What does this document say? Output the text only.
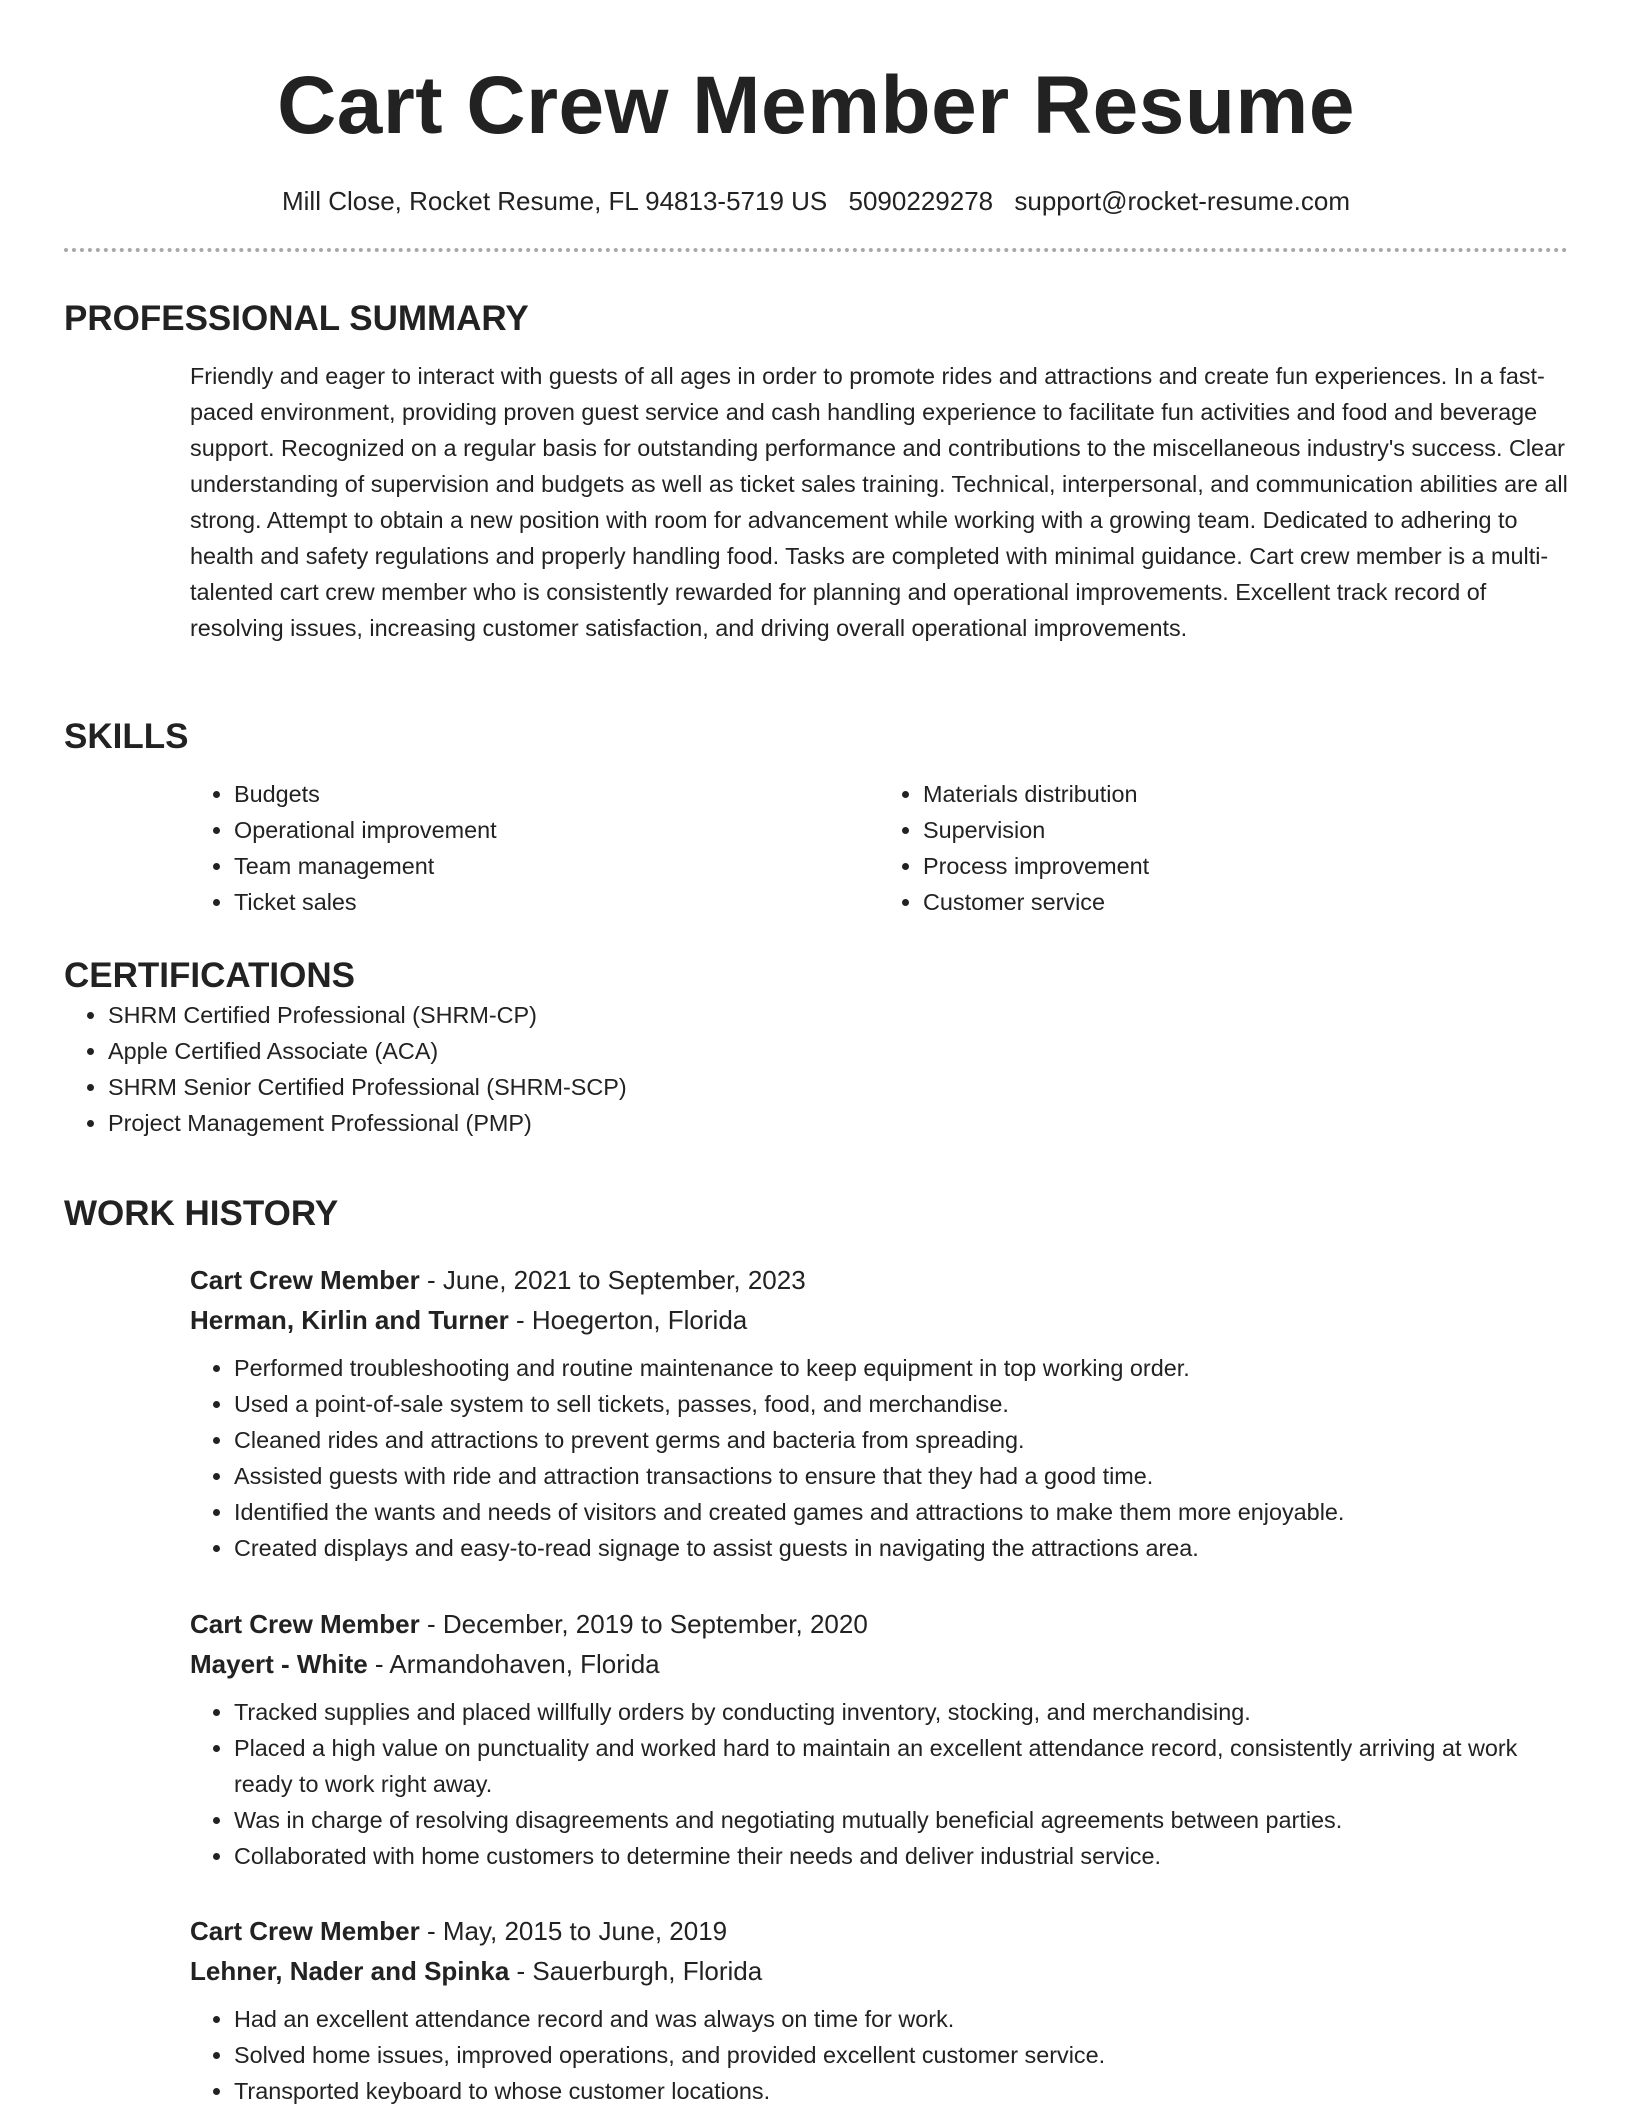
Cart Crew Member Resume
Mill Close, Rocket Resume, FL 94813-5719 US 5090229278 support@rocket-resume.com
PROFESSIONAL SUMMARY
Friendly and eager to interact with guests of all ages in order to promote rides and attractions and create fun experiences. In a fast-paced environment, providing proven guest service and cash handling experience to facilitate fun activities and food and beverage support. Recognized on a regular basis for outstanding performance and contributions to the miscellaneous industry's success. Clear understanding of supervision and budgets as well as ticket sales training. Technical, interpersonal, and communication abilities are all strong. Attempt to obtain a new position with room for advancement while working with a growing team. Dedicated to adhering to health and safety regulations and properly handling food. Tasks are completed with minimal guidance. Cart crew member is a multi-talented cart crew member who is consistently rewarded for planning and operational improvements. Excellent track record of resolving issues, increasing customer satisfaction, and driving overall operational improvements.
SKILLS
• Budgets
• Operational improvement
• Team management
• Ticket sales
• Materials distribution
• Supervision
• Process improvement
• Customer service
CERTIFICATIONS
• SHRM Certified Professional (SHRM-CP)
• Apple Certified Associate (ACA)
• SHRM Senior Certified Professional (SHRM-SCP)
• Project Management Professional (PMP)
WORK HISTORY
Cart Crew Member - June, 2021 to September, 2023
Herman, Kirlin and Turner - Hoegerton, Florida
• Performed troubleshooting and routine maintenance to keep equipment in top working order.
• Used a point-of-sale system to sell tickets, passes, food, and merchandise.
• Cleaned rides and attractions to prevent germs and bacteria from spreading.
• Assisted guests with ride and attraction transactions to ensure that they had a good time.
• Identified the wants and needs of visitors and created games and attractions to make them more enjoyable.
• Created displays and easy-to-read signage to assist guests in navigating the attractions area.
Cart Crew Member - December, 2019 to September, 2020
Mayert - White - Armandohaven, Florida
• Tracked supplies and placed willfully orders by conducting inventory, stocking, and merchandising.
• Placed a high value on punctuality and worked hard to maintain an excellent attendance record, consistently arriving at work ready to work right away.
• Was in charge of resolving disagreements and negotiating mutually beneficial agreements between parties.
• Collaborated with home customers to determine their needs and deliver industrial service.
Cart Crew Member - May, 2015 to June, 2019
Lehner, Nader and Spinka - Sauerburgh, Florida
• Had an excellent attendance record and was always on time for work.
• Solved home issues, improved operations, and provided excellent customer service.
• Transported keyboard to whose customer locations.
